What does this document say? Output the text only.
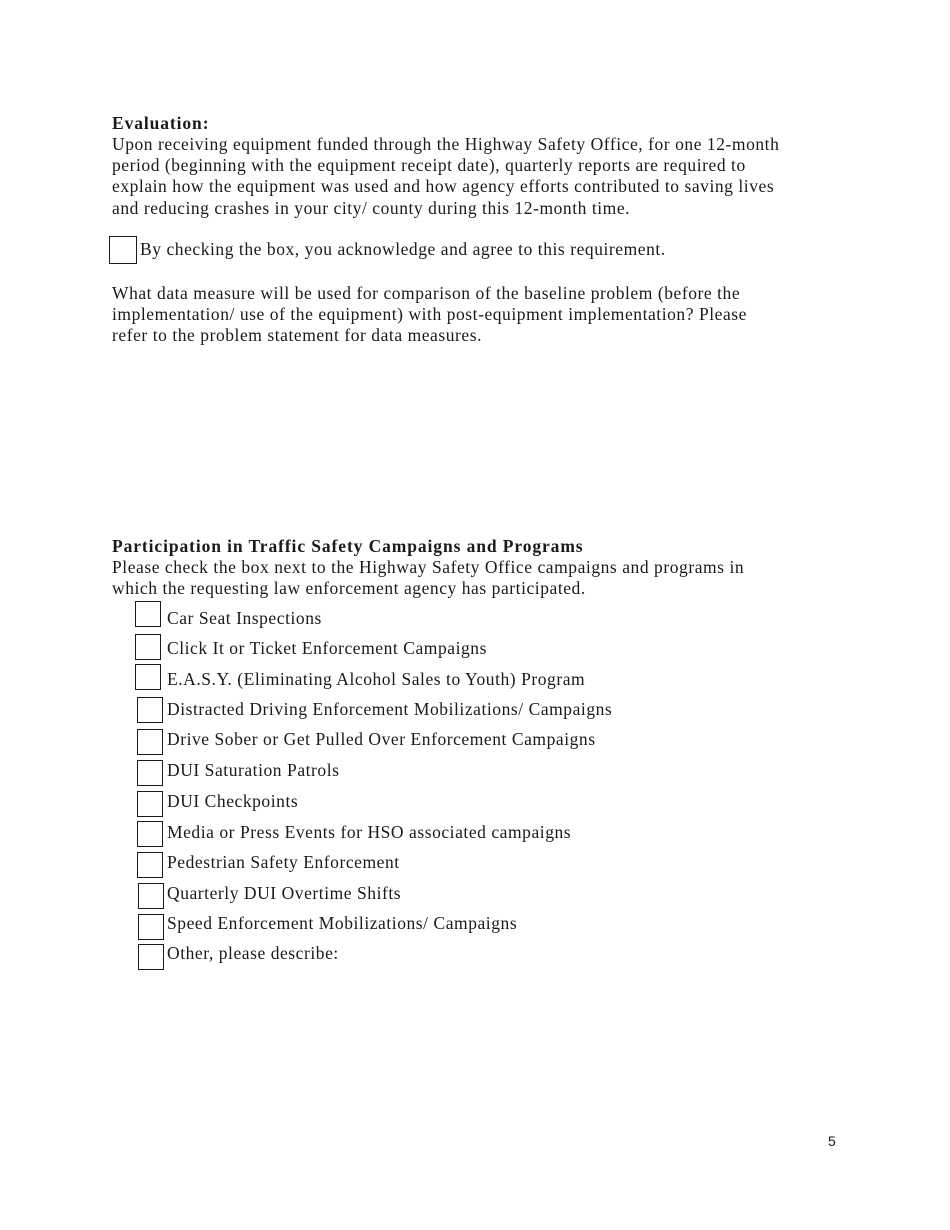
Evaluation:

Upon receiving equipment funded through the Highway Safety Office, for one 12-month
period (beginning with the equipment receipt date), quarterly reports are required to
explain how the equipment was used and how agency efforts contributed to saving lives
and reducing crashes in your city/ county during this 12-month time.

By checking the box, you acknowledge and agree to this requirement.

What data measure will be used for comparison of the baseline problem (before the
implementation/ use of the equipment) with post-equipment implementation? Please
refer to the problem statement for data measures.

Participation in Traffic Safety Campaigns and Programs

Please check the box next to the Highway Safety Office campaigns and programs in
which the requesting law enforcement agency has participated.

Car Seat Inspections
Click It or Ticket Enforcement Campaigns
E.A.S.Y. (Eliminating Alcohol Sales to Youth) Program
Distracted Driving Enforcement Mobilizations/ Campaigns
Drive Sober or Get Pulled Over Enforcement Campaigns
DUI Saturation Patrols
DUI Checkpoints
Media or Press Events for HSO associated campaigns
Pedestrian Safety Enforcement
Quarterly DUI Overtime Shifts
Speed Enforcement Mobilizations/ Campaigns
Other, please describe:
5
